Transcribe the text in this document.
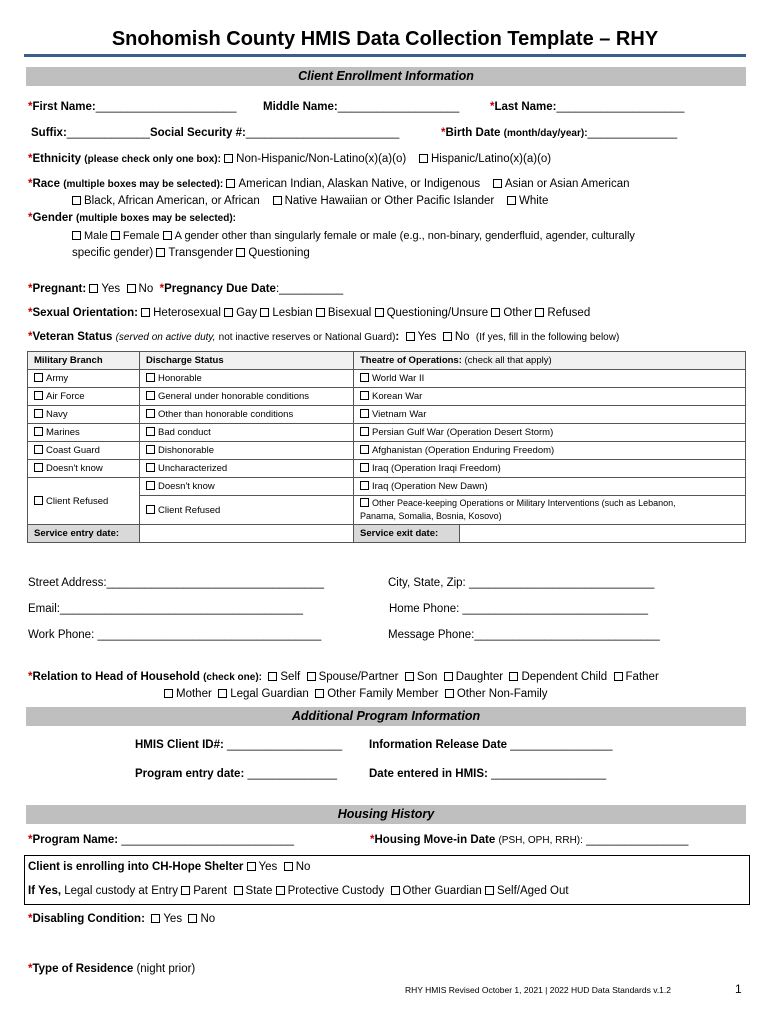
Snohomish County HMIS Data Collection Template – RHY
Client Enrollment Information
*First Name:______________________ Middle Name:___________________	*Last Name:____________________
Suffix:_____________Social Security #:________________________	*Birth Date (month/day/year):______________
*Ethnicity (please check only one box): Non-Hispanic/Non-Latino(x)(a)(o) Hispanic/Latino(x)(a)(o)
*Race (multiple boxes may be selected): American Indian, Alaskan Native, or Indigenous Asian or Asian American
Black, African American, or African Native Hawaiian or Other Pacific Islander White
*Gender (multiple boxes may be selected):
Male Female A gender other than singularly female or male (e.g., non-binary, genderfluid, agender, culturally
specific gender) Transgender Questioning
*Pregnant: Yes No *Pregnancy Due Date:__________
*Sexual Orientation: Heterosexual Gay Lesbian Bisexual Questioning/Unsure Other Refused
*Veteran Status (served on active duty, not inactive reserves or National Guard): Yes No (If yes, fill in the following below)
Military Branch	Discharge Status	Theatre of Operations: (check all that apply)	
Army	Honorable	World War II	
Air Force	General under honorable conditions	Korean War	
Navy	Other than honorable conditions	Vietnam War	
Marines	Bad conduct	Persian Gulf War (Operation Desert Storm)	
Coast Guard	Dishonorable	Afghanistan (Operation Enduring Freedom)	
Doesn't know	Uncharacterized	Iraq (Operation Iraqi Freedom)	
Client Refused	Doesn't know	Iraq (Operation New Dawn)	
	Client Refused	Other Peace-keeping Operations or Military Interventions (such as Lebanon,
Panama, Somalia, Bosnia, Kosovo)	
Service entry date:		Service exit date:	
Street Address:__________________________________	City, State, Zip: _____________________________
Email:______________________________________	Home Phone: _____________________________
Work Phone: ___________________________________	Message Phone:_____________________________
*Relation to Head of Household (check one): Self Spouse/Partner Son Daughter Dependent Child Father
Mother Legal Guardian Other Family Member Other Non-Family
Additional Program Information
HMIS Client ID#: __________________ Information Release Date ________________
Program entry date: ______________	Date entered in HMIS: __________________
Housing History
*Program Name: ___________________________	*Housing Move-in Date (PSH, OPH, RRH): ________________
Client is enrolling into CH-Hope Shelter Yes No
If Yes, Legal custody at Entry Parent State Protective Custody Other Guardian Self/Aged Out
*Disabling Condition: Yes No
*Type of Residence (night prior)
RHY HMIS Revised October 1, 2021 | 2022 HUD Data Standards v.1.2	1
